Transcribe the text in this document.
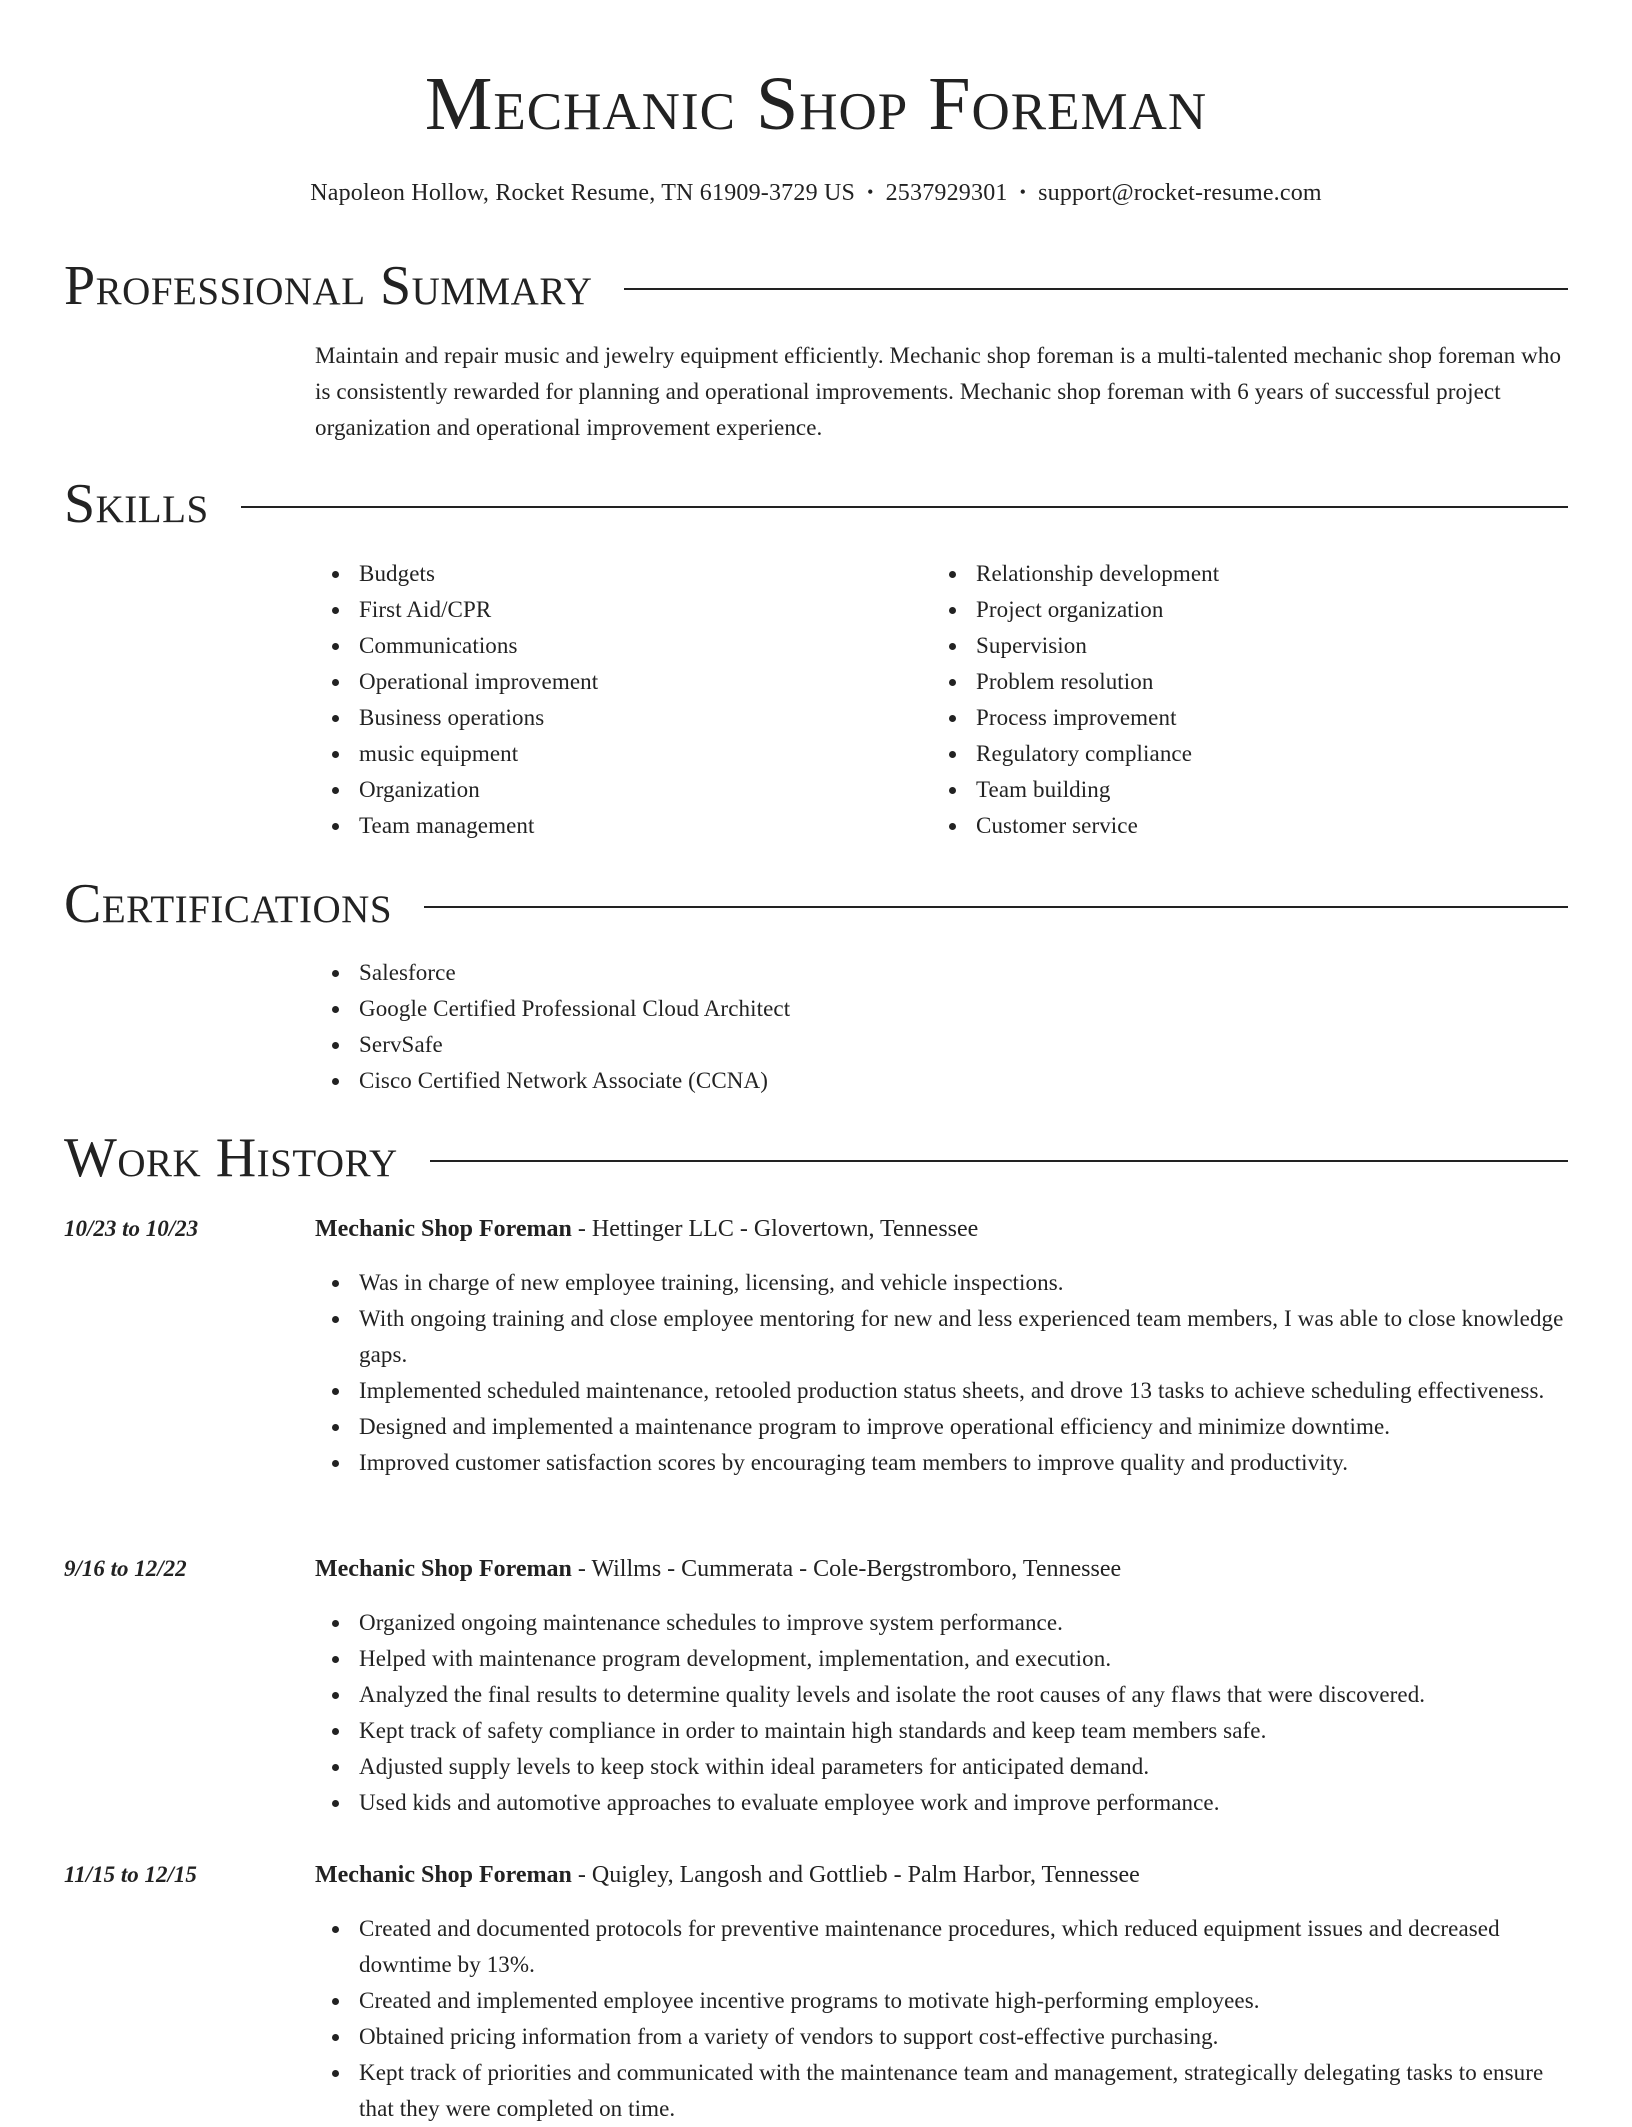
Mechanic Shop Foreman
Napoleon Hollow, Rocket Resume, TN 61909-3729 US • 2537929301 • support@rocket-resume.com
Professional Summary
Maintain and repair music and jewelry equipment efficiently. Mechanic shop foreman is a multi-talented mechanic shop foreman who is consistently rewarded for planning and operational improvements. Mechanic shop foreman with 6 years of successful project organization and operational improvement experience.
Skills
Budgets
First Aid/CPR
Communications
Operational improvement
Business operations
music equipment
Organization
Team management
Relationship development
Project organization
Supervision
Problem resolution
Process improvement
Regulatory compliance
Team building
Customer service
Certifications
Salesforce
Google Certified Professional Cloud Architect
ServSafe
Cisco Certified Network Associate (CCNA)
Work History
10/23 to 10/23	Mechanic Shop Foreman - Hettinger LLC - Glovertown, Tennessee
Was in charge of new employee training, licensing, and vehicle inspections.
With ongoing training and close employee mentoring for new and less experienced team members, I was able to close knowledge gaps.
Implemented scheduled maintenance, retooled production status sheets, and drove 13 tasks to achieve scheduling effectiveness.
Designed and implemented a maintenance program to improve operational efficiency and minimize downtime.
Improved customer satisfaction scores by encouraging team members to improve quality and productivity.
9/16 to 12/22	Mechanic Shop Foreman - Willms - Cummerata - Cole-Bergstromboro, Tennessee
Organized ongoing maintenance schedules to improve system performance.
Helped with maintenance program development, implementation, and execution.
Analyzed the final results to determine quality levels and isolate the root causes of any flaws that were discovered.
Kept track of safety compliance in order to maintain high standards and keep team members safe.
Adjusted supply levels to keep stock within ideal parameters for anticipated demand.
Used kids and automotive approaches to evaluate employee work and improve performance.
11/15 to 12/15	Mechanic Shop Foreman - Quigley, Langosh and Gottlieb - Palm Harbor, Tennessee
Created and documented protocols for preventive maintenance procedures, which reduced equipment issues and decreased downtime by 13%.
Created and implemented employee incentive programs to motivate high-performing employees.
Obtained pricing information from a variety of vendors to support cost-effective purchasing.
Kept track of priorities and communicated with the maintenance team and management, strategically delegating tasks to ensure that they were completed on time.
